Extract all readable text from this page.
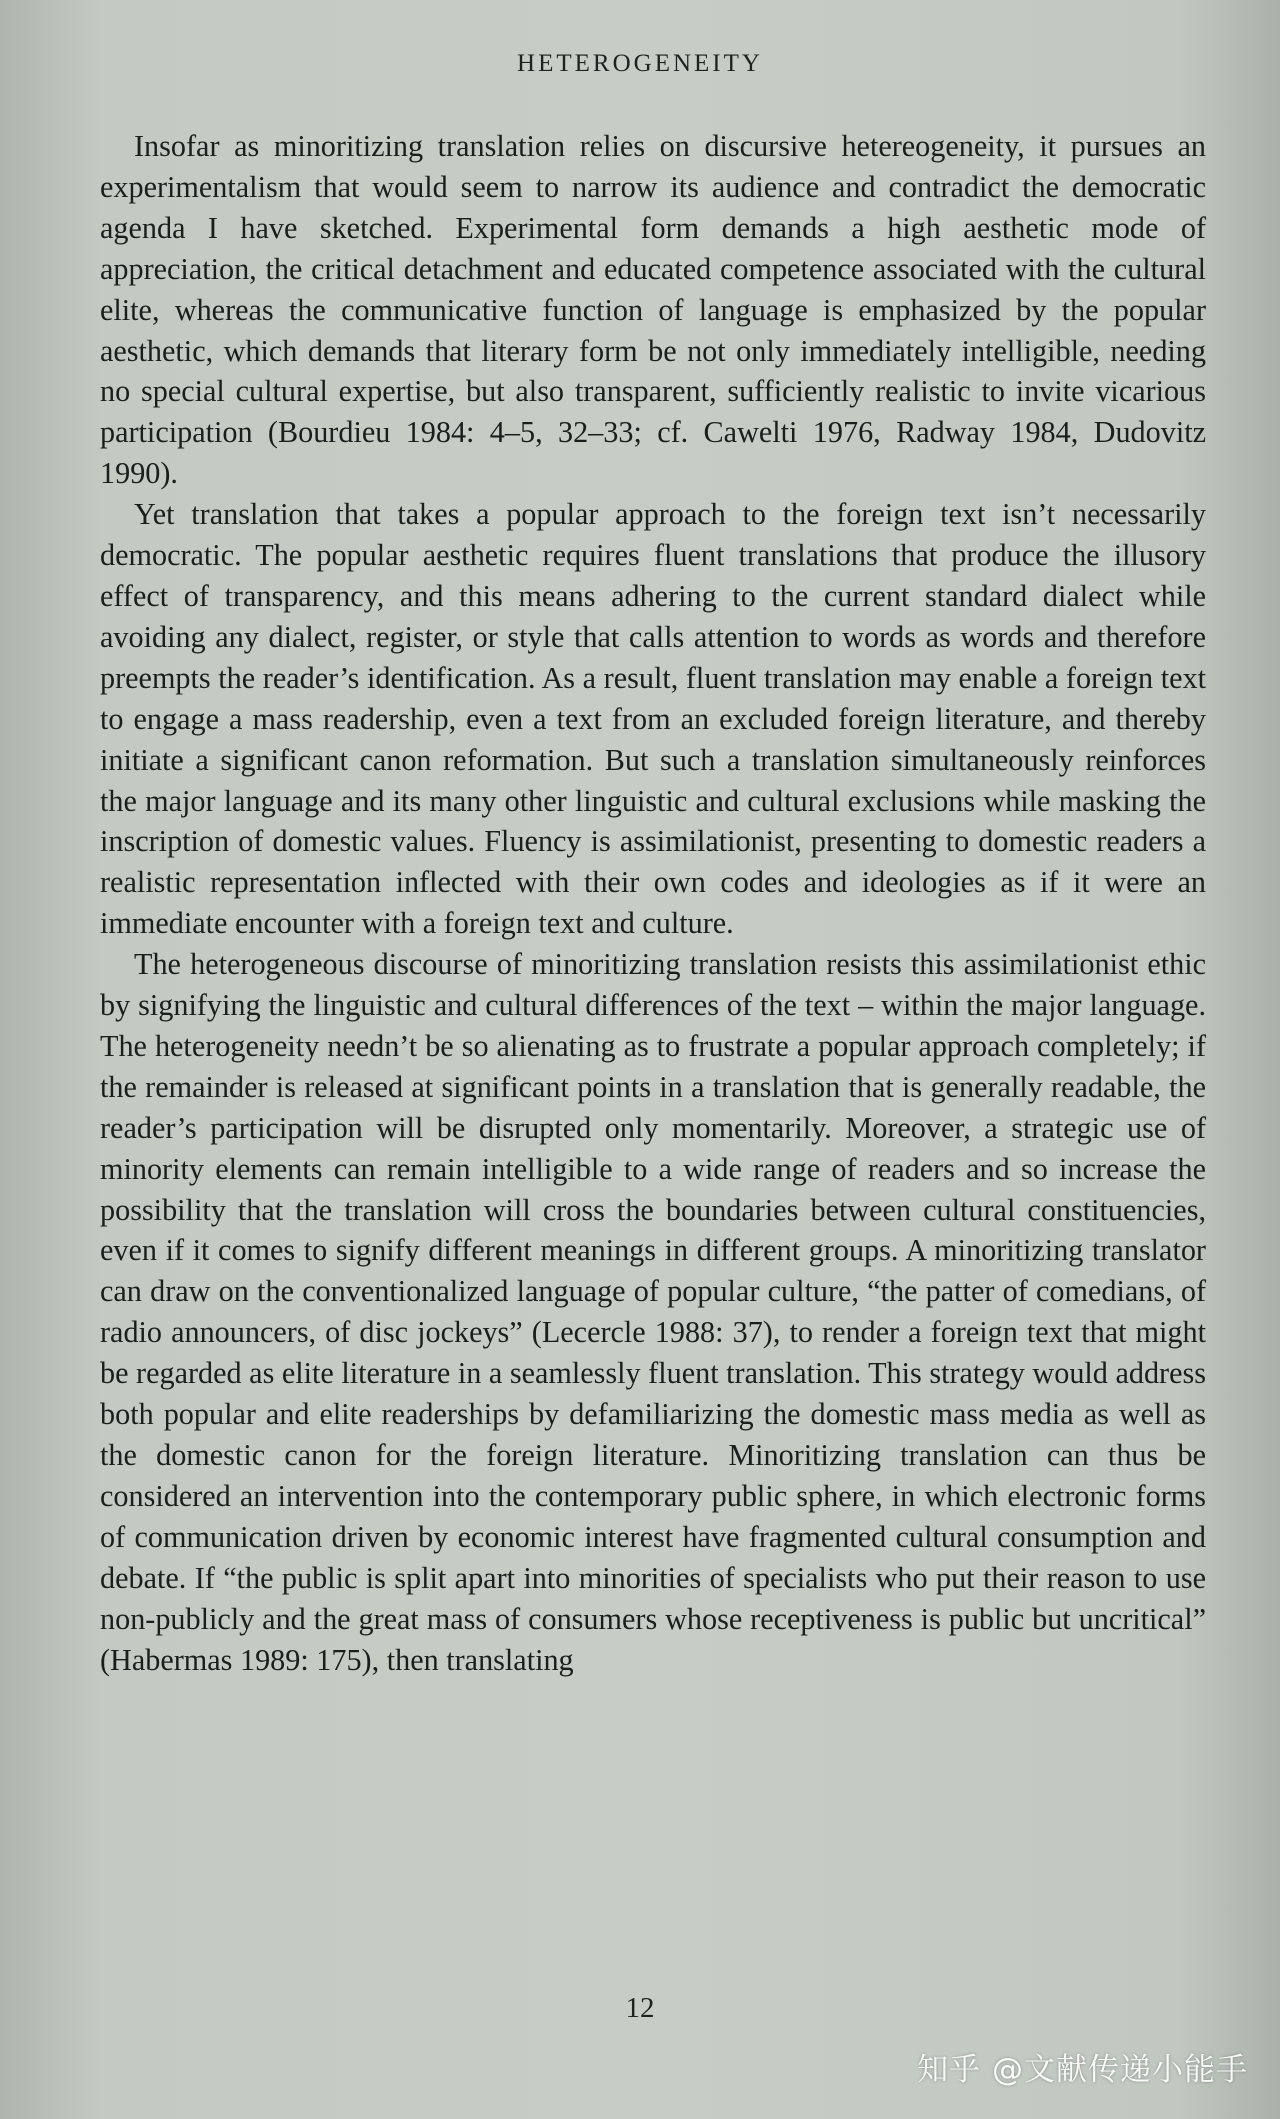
HETEROGENEITY

Insofar as minoritizing translation relies on discursive hetereogeneity, it pursues an experimentalism that would seem to narrow its audience and contradict the democratic agenda I have sketched. Experimental form demands a high aesthetic mode of appreciation, the critical detachment and educated competence associated with the cultural elite, whereas the communicative function of language is emphasized by the popular aesthetic, which demands that literary form be not only immediately intelligible, needing no special cultural expertise, but also transparent, sufficiently realistic to invite vicarious participation (Bourdieu 1984: 4–5, 32–33; cf. Cawelti 1976, Radway 1984, Dudovitz 1990).

Yet translation that takes a popular approach to the foreign text isn’t necessarily democratic. The popular aesthetic requires fluent translations that produce the illusory effect of transparency, and this means adhering to the current standard dialect while avoiding any dialect, register, or style that calls attention to words as words and therefore preempts the reader’s identification. As a result, fluent translation may enable a foreign text to engage a mass readership, even a text from an excluded foreign literature, and thereby initiate a significant canon reformation. But such a translation simultaneously reinforces the major language and its many other linguistic and cultural exclusions while masking the inscription of domestic values. Fluency is assimilationist, presenting to domestic readers a realistic representation inflected with their own codes and ideologies as if it were an immediate encounter with a foreign text and culture.

The heterogeneous discourse of minoritizing translation resists this assimilationist ethic by signifying the linguistic and cultural differences of the text – within the major language. The heterogeneity needn’t be so alienating as to frustrate a popular approach completely; if the remainder is released at significant points in a translation that is generally readable, the reader’s participation will be disrupted only momentarily. Moreover, a strategic use of minority elements can remain intelligible to a wide range of readers and so increase the possibility that the translation will cross the boundaries between cultural constituencies, even if it comes to signify different meanings in different groups. A minoritizing translator can draw on the conventionalized language of popular culture, “the patter of comedians, of radio announcers, of disc jockeys” (Lecercle 1988: 37), to render a foreign text that might be regarded as elite literature in a seamlessly fluent translation. This strategy would address both popular and elite readerships by defamiliarizing the domestic mass media as well as the domestic canon for the foreign literature. Minoritizing translation can thus be considered an intervention into the contemporary public sphere, in which electronic forms of communication driven by economic interest have fragmented cultural consumption and debate. If “the public is split apart into minorities of specialists who put their reason to use non-publicly and the great mass of consumers whose receptiveness is public but uncritical” (Habermas 1989: 175), then translating

12
知乎 @文献传递小能手
